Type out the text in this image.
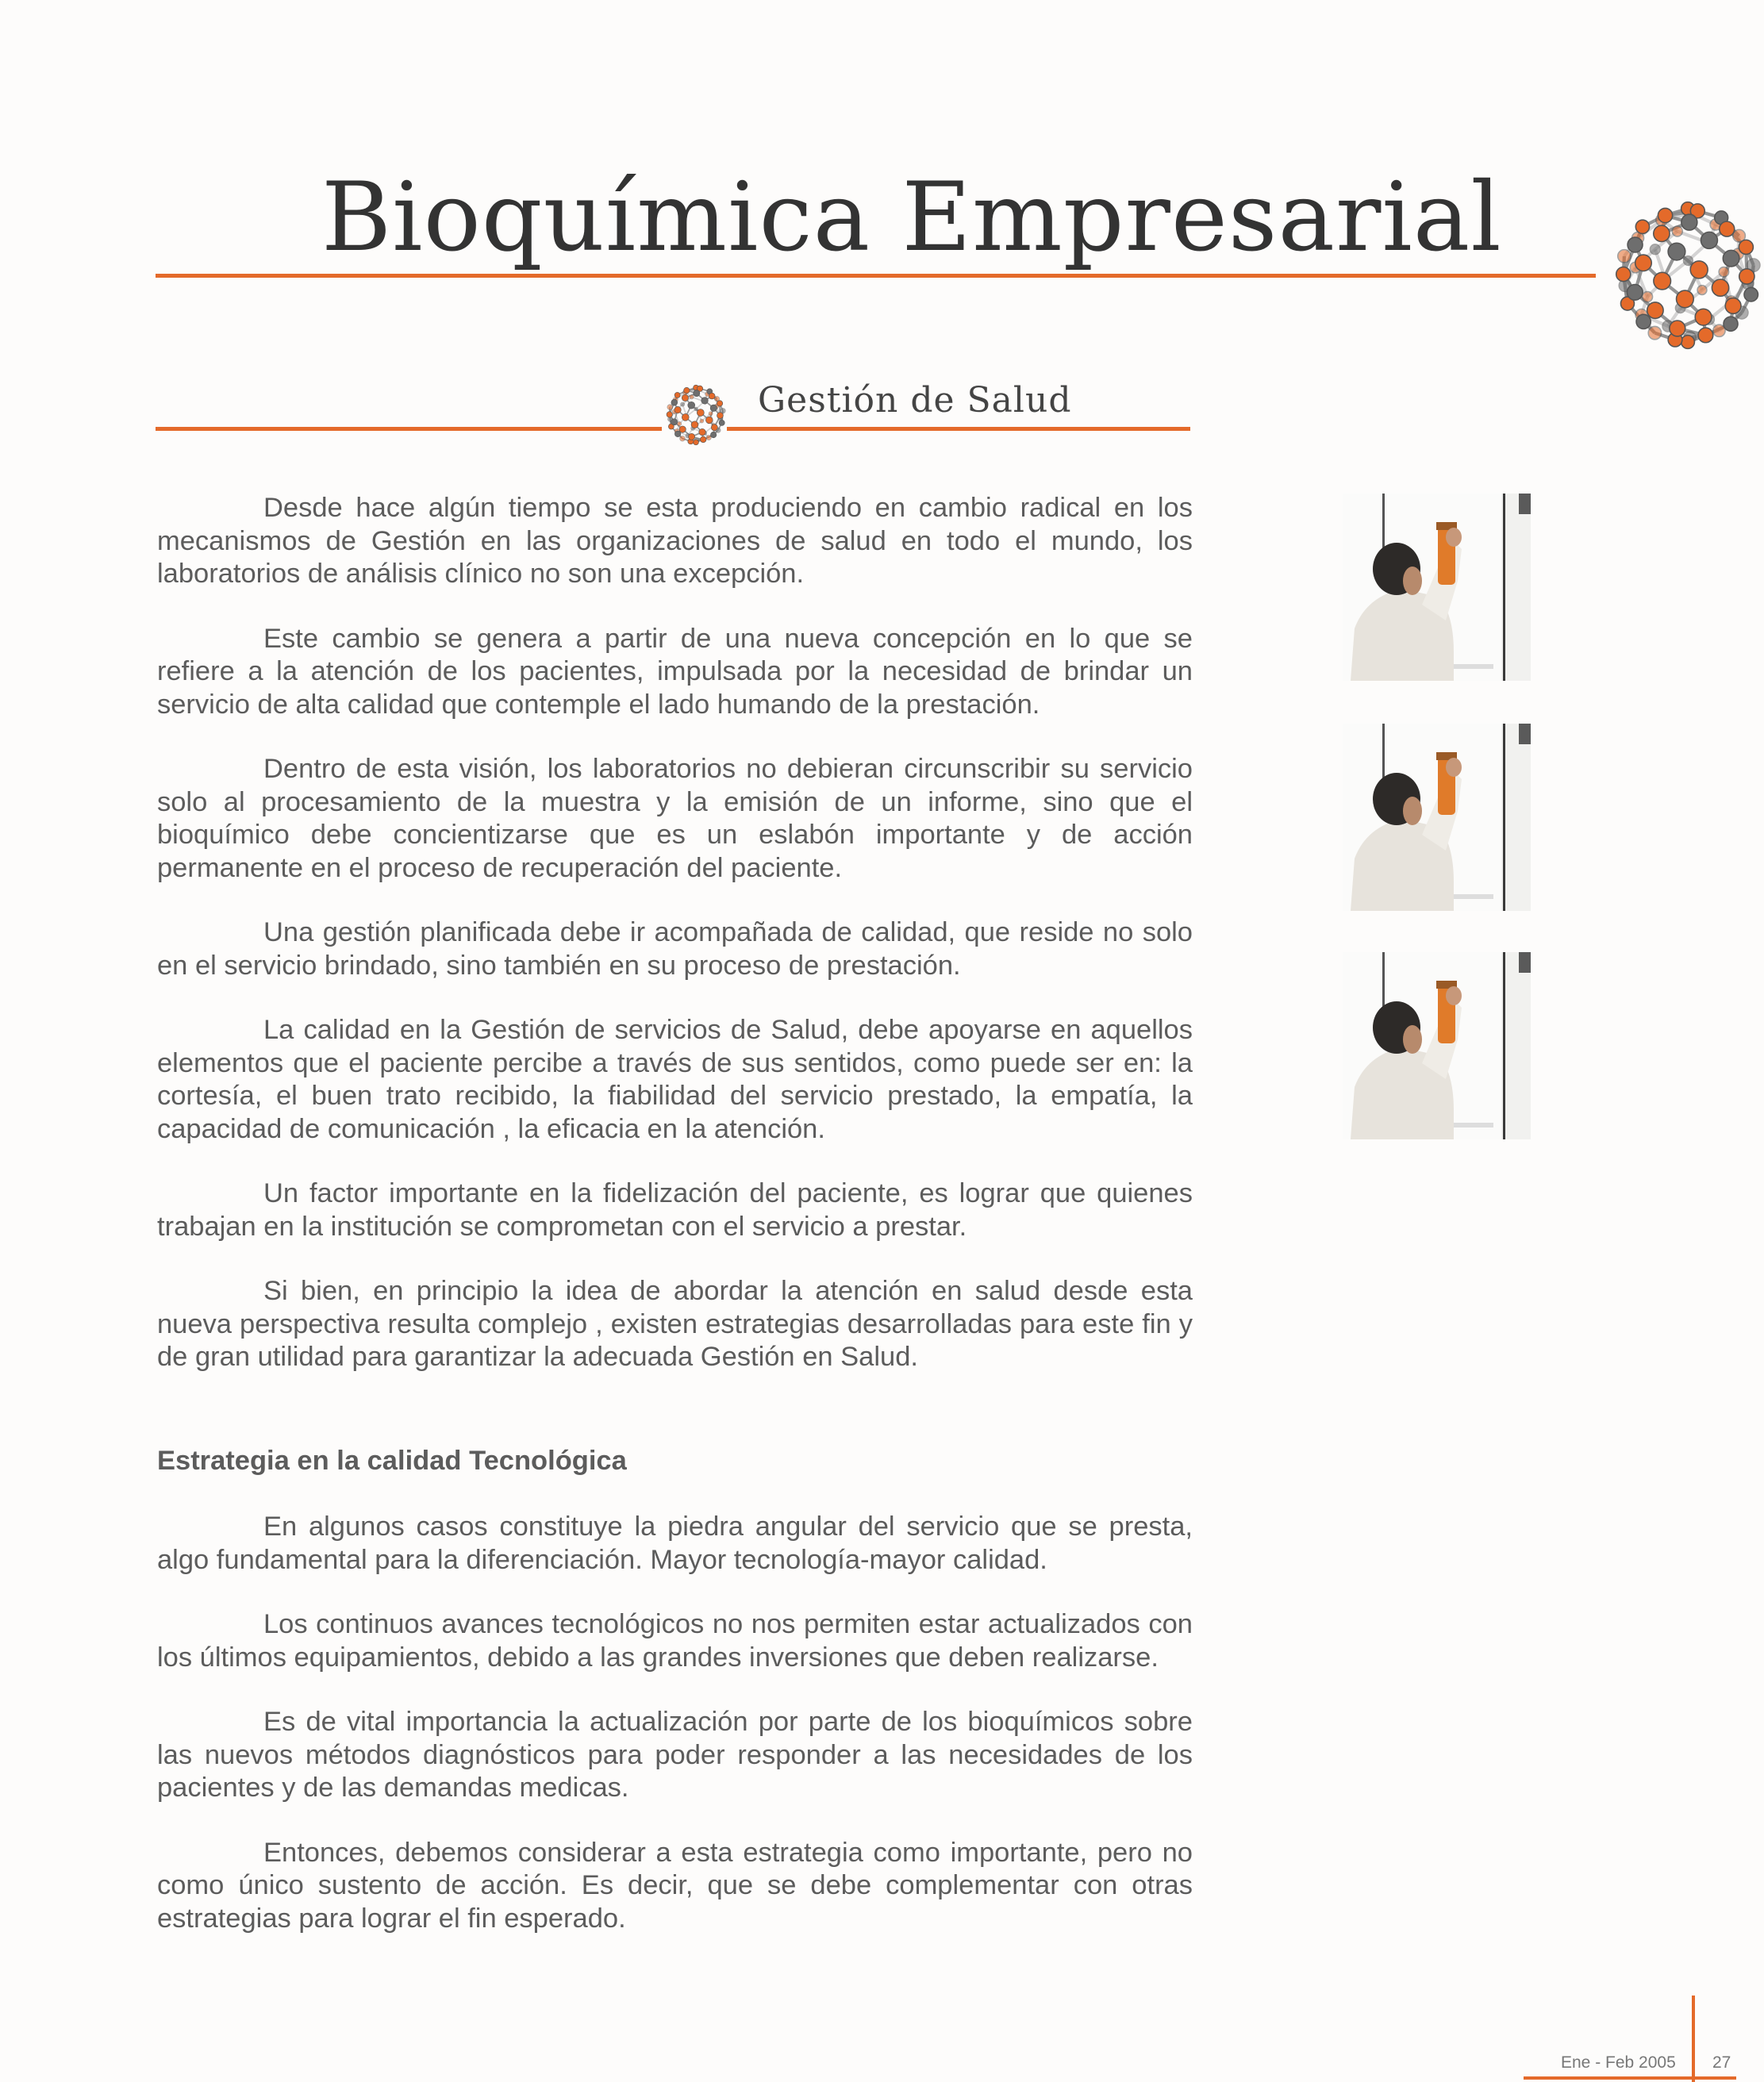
Bioquímica Empresarial
Gestión de Salud

Desde hace algún tiempo se esta produciendo en cambio radical en los mecanismos de Gestión en las organizaciones de salud en todo el mundo, los laboratorios de análisis clínico no son una excepción.

Este cambio se genera a partir de una nueva concepción en lo que se refiere a la atención de los pacientes, impulsada por la necesidad de brindar un servicio de alta calidad que contemple el lado humando de la prestación.

Dentro de esta visión, los laboratorios no debieran circunscribir su servicio solo al procesamiento de la muestra y la emisión de un informe, sino que el bioquímico debe concientizarse que es un eslabón importante y de acción permanente en el proceso de recuperación del paciente.

Una gestión planificada debe ir acompañada de calidad, que reside no solo en el servicio brindado, sino también en su proceso de prestación.

La calidad en la Gestión de servicios de Salud, debe apoyarse en aquellos elementos que el paciente percibe a través de sus sentidos, como puede ser en: la cortesía, el buen trato recibido, la fiabilidad del servicio prestado, la empatía, la capacidad de comunicación , la eficacia en la atención.

Un factor importante en la fidelización del paciente, es lograr que quienes trabajan en la institución se comprometan con el servicio a prestar.

Si bien, en principio la idea de abordar la atención en salud desde esta nueva perspectiva resulta complejo , existen estrategias desarrolladas para este fin y de gran utilidad para garantizar la adecuada Gestión en Salud.

Estrategia en la calidad Tecnológica

En algunos casos constituye la piedra angular del servicio que se presta, algo fundamental para la diferenciación. Mayor tecnología-mayor calidad.

Los continuos avances tecnológicos no nos permiten estar actualizados con los últimos equipamientos, debido a las grandes inversiones que deben realizarse.

Es de vital importancia la actualización por parte de los bioquímicos sobre las nuevos métodos diagnósticos para poder responder a las necesidades de los pacientes y de las demandas medicas.

Entonces, debemos considerar a esta estrategia como importante, pero no como único sustento de acción. Es decir, que se debe complementar con otras estrategias para lograr el fin esperado.

Ene - Feb 2005 27
